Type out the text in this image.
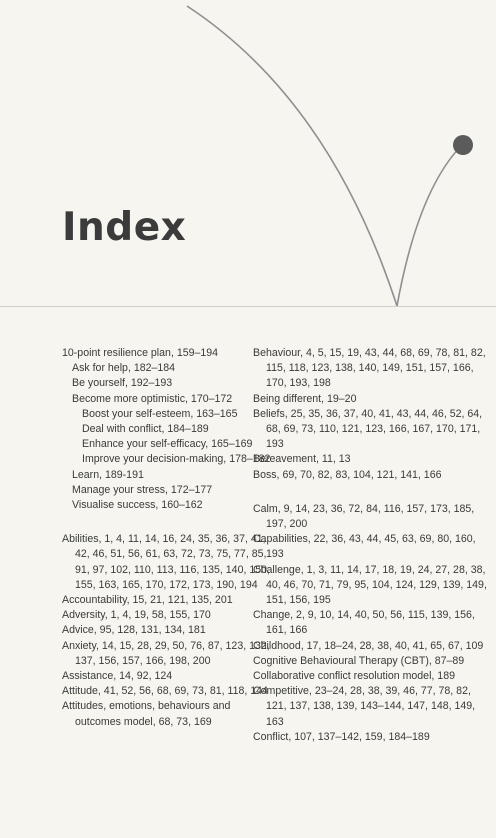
Index
10-point resilience plan, 159–194
Ask for help, 182–184
Be yourself, 192–193
Become more optimistic, 170–172
Boost your self-esteem, 163–165
Deal with conflict, 184–189
Enhance your self-efficacy, 165–169
Improve your decision-making, 178–182
Learn, 189-191
Manage your stress, 172–177
Visualise success, 160–162
Abilities, 1, 4, 11, 14, 16, 24, 35, 36, 37, 41, 42, 46, 51, 56, 61, 63, 72, 73, 75, 77, 85, 91, 97, 102, 110, 113, 116, 135, 140, 150, 155, 163, 165, 170, 172, 173, 190, 194
Accountability, 15, 21, 121, 135, 201
Adversity, 1, 4, 19, 58, 155, 170
Advice, 95, 128, 131, 134, 181
Anxiety, 14, 15, 28, 29, 50, 76, 87, 123, 132, 137, 156, 157, 166, 198, 200
Assistance, 14, 92, 124
Attitude, 41, 52, 56, 68, 69, 73, 81, 118, 144
Attitudes, emotions, behaviours and outcomes model, 68, 73, 169
Behaviour, 4, 5, 15, 19, 43, 44, 68, 69, 78, 81, 82, 115, 118, 123, 138, 140, 149, 151, 157, 166, 170, 193, 198
Being different, 19–20
Beliefs, 25, 35, 36, 37, 40, 41, 43, 44, 46, 52, 64, 68, 69, 73, 110, 121, 123, 166, 167, 170, 171, 193
Bereavement, 11, 13
Boss, 69, 70, 82, 83, 104, 121, 141, 166
Calm, 9, 14, 23, 36, 72, 84, 116, 157, 173, 185, 197, 200
Capabilities, 22, 36, 43, 44, 45, 63, 69, 80, 160, 193
Challenge, 1, 3, 11, 14, 17, 18, 19, 24, 27, 28, 38, 40, 46, 70, 71, 79, 95, 104, 124, 129, 139, 149, 151, 156, 195
Change, 2, 9, 10, 14, 40, 50, 56, 115, 139, 156, 161, 166
Childhood, 17, 18–24, 28, 38, 40, 41, 65, 67, 109
Cognitive Behavioural Therapy (CBT), 87–89
Collaborative conflict resolution model, 189
Competitive, 23–24, 28, 38, 39, 46, 77, 78, 82, 121, 137, 138, 139, 143–144, 147, 148, 149, 163
Conflict, 107, 137–142, 159, 184–189
